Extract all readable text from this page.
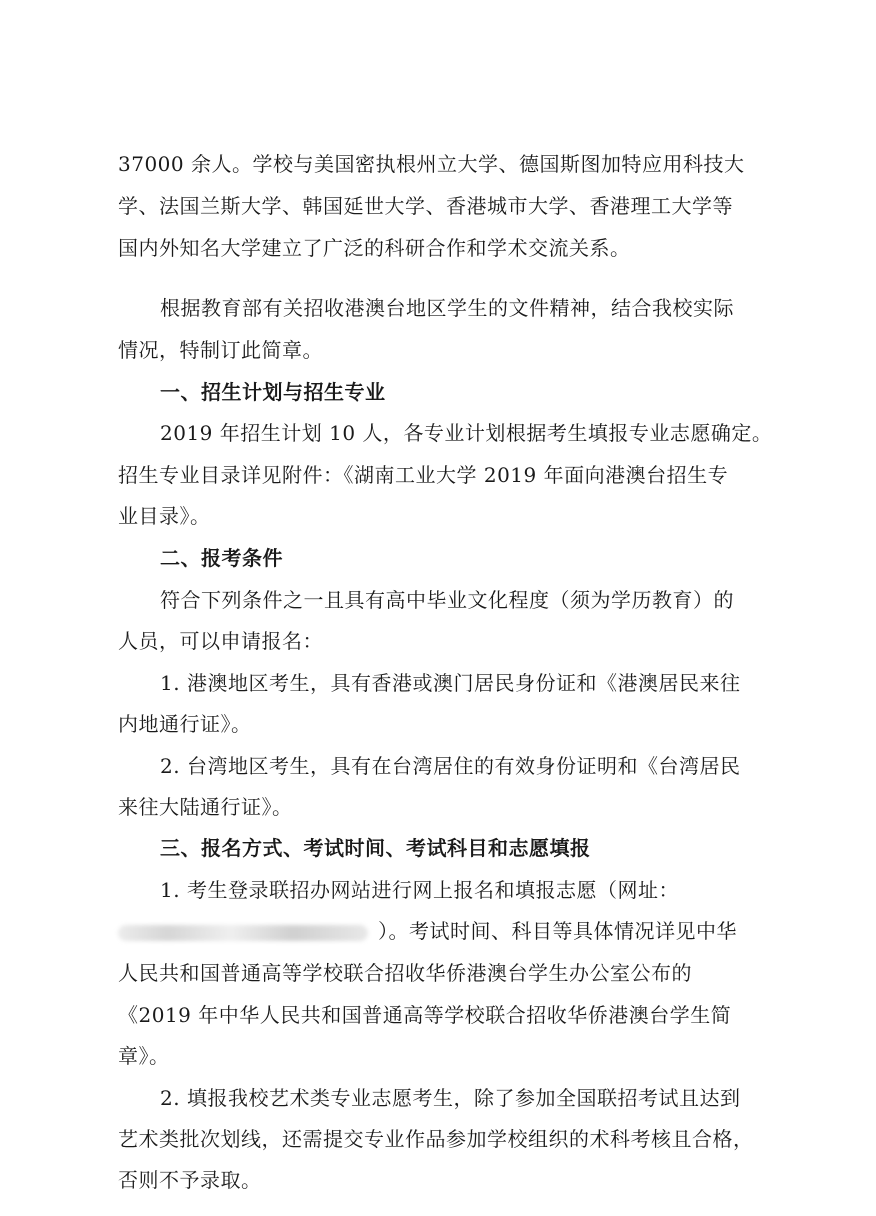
37000 余人。学校与美国密执根州立大学、德国斯图加特应用科技大
学、法国兰斯大学、韩国延世大学、香港城市大学、香港理工大学等
国内外知名大学建立了广泛的科研合作和学术交流关系。
根据教育部有关招收港澳台地区学生的文件精神，结合我校实际
情况，特制订此简章。
一、招生计划与招生专业
2019 年招生计划 10 人，各专业计划根据考生填报专业志愿确定。
招生专业目录详见附件：《湖南工业大学 2019 年面向港澳台招生专
业目录》。
二、报考条件
符合下列条件之一且具有高中毕业文化程度（须为学历教育）的
人员，可以申请报名：
1. 港澳地区考生，具有香港或澳门居民身份证和《港澳居民来往
内地通行证》。
2. 台湾地区考生，具有在台湾居住的有效身份证明和《台湾居民
来往大陆通行证》。
三、报名方式、考试时间、考试科目和志愿填报
1. 考生登录联招办网站进行网上报名和填报志愿（网址：
）。考试时间、科目等具体情况详见中华
人民共和国普通高等学校联合招收华侨港澳台学生办公室公布的
《2019 年中华人民共和国普通高等学校联合招收华侨港澳台学生简
章》。
2. 填报我校艺术类专业志愿考生，除了参加全国联招考试且达到
艺术类批次划线，还需提交专业作品参加学校组织的术科考核且合格，
否则不予录取。
